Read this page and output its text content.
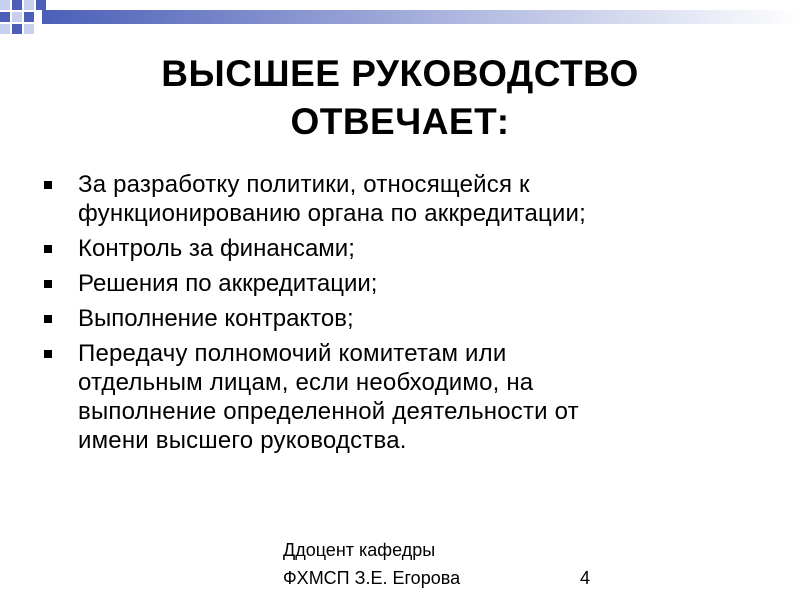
ВЫСШЕЕ РУКОВОДСТВО
ОТВЕЧАЕТ:
За разработку политики, относящейся к
функционированию органа по аккредитации;
Контроль за финансами;
Решения по аккредитации;
Выполнение контрактов;
Передачу полномочий комитетам или
отдельным лицам, если необходимо, на
выполнение определенной деятельности от
имени высшего руководства.
Ддоцент кафедры
ФХМСП З.Е. Егорова	4
